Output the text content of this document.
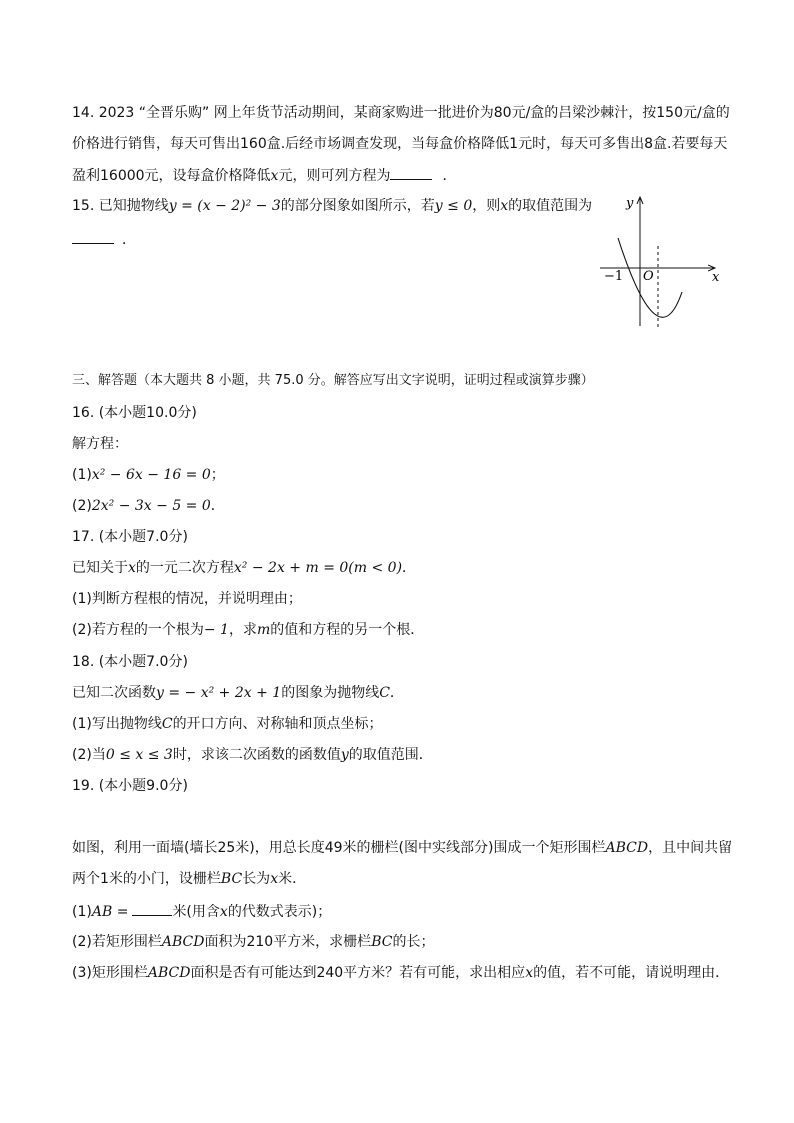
14. 2023 “全晋乐购” 网上年货节活动期间，某商家购进一批进价为80元/盒的吕梁沙棘汁，按150元/盒的
价格进行销售，每天可售出160盒.后经市场调查发现，当每盒价格降低1元时，每天可多售出8盒.若要每天
盈利16000元，设每盒价格降低x元，则可列方程为	．
15. 已知抛物线y = (x − 2)² − 3的部分图象如图所示，若y ≤ 0，则x的取值范围为
．
y
x
O
−1
三、解答题（本大题共 8 小题，共 75.0 分。解答应写出文字说明，证明过程或演算步骤）
16. (本小题10.0分)
解方程：
(1)x² − 6x − 16 = 0；
(2)2x² − 3x − 5 = 0．
17. (本小题7.0分)
已知关于x的一元二次方程x² − 2x + m = 0(m < 0)．
(1)判断方程根的情况，并说明理由；
(2)若方程的一个根为− 1，求m的值和方程的另一个根．
18. (本小题7.0分)
已知二次函数y = − x² + 2x + 1的图象为抛物线C．
(1)写出抛物线C的开口方向、对称轴和顶点坐标；
(2)当0 ≤ x ≤ 3时，求该二次函数的函数值y的取值范围．
19. (本小题9.0分)
如图，利用一面墙(墙长25米)，用总长度49米的栅栏(图中实线部分)围成一个矩形围栏ABCD，且中间共留
两个1米的小门，设栅栏BC长为x米．
(1)AB =	米(用含x的代数式表示)；
(2)若矩形围栏ABCD面积为210平方米，求栅栏BC的长；
(3)矩形围栏ABCD面积是否有可能达到240平方米？若有可能，求出相应x的值，若不可能，请说明理由．
